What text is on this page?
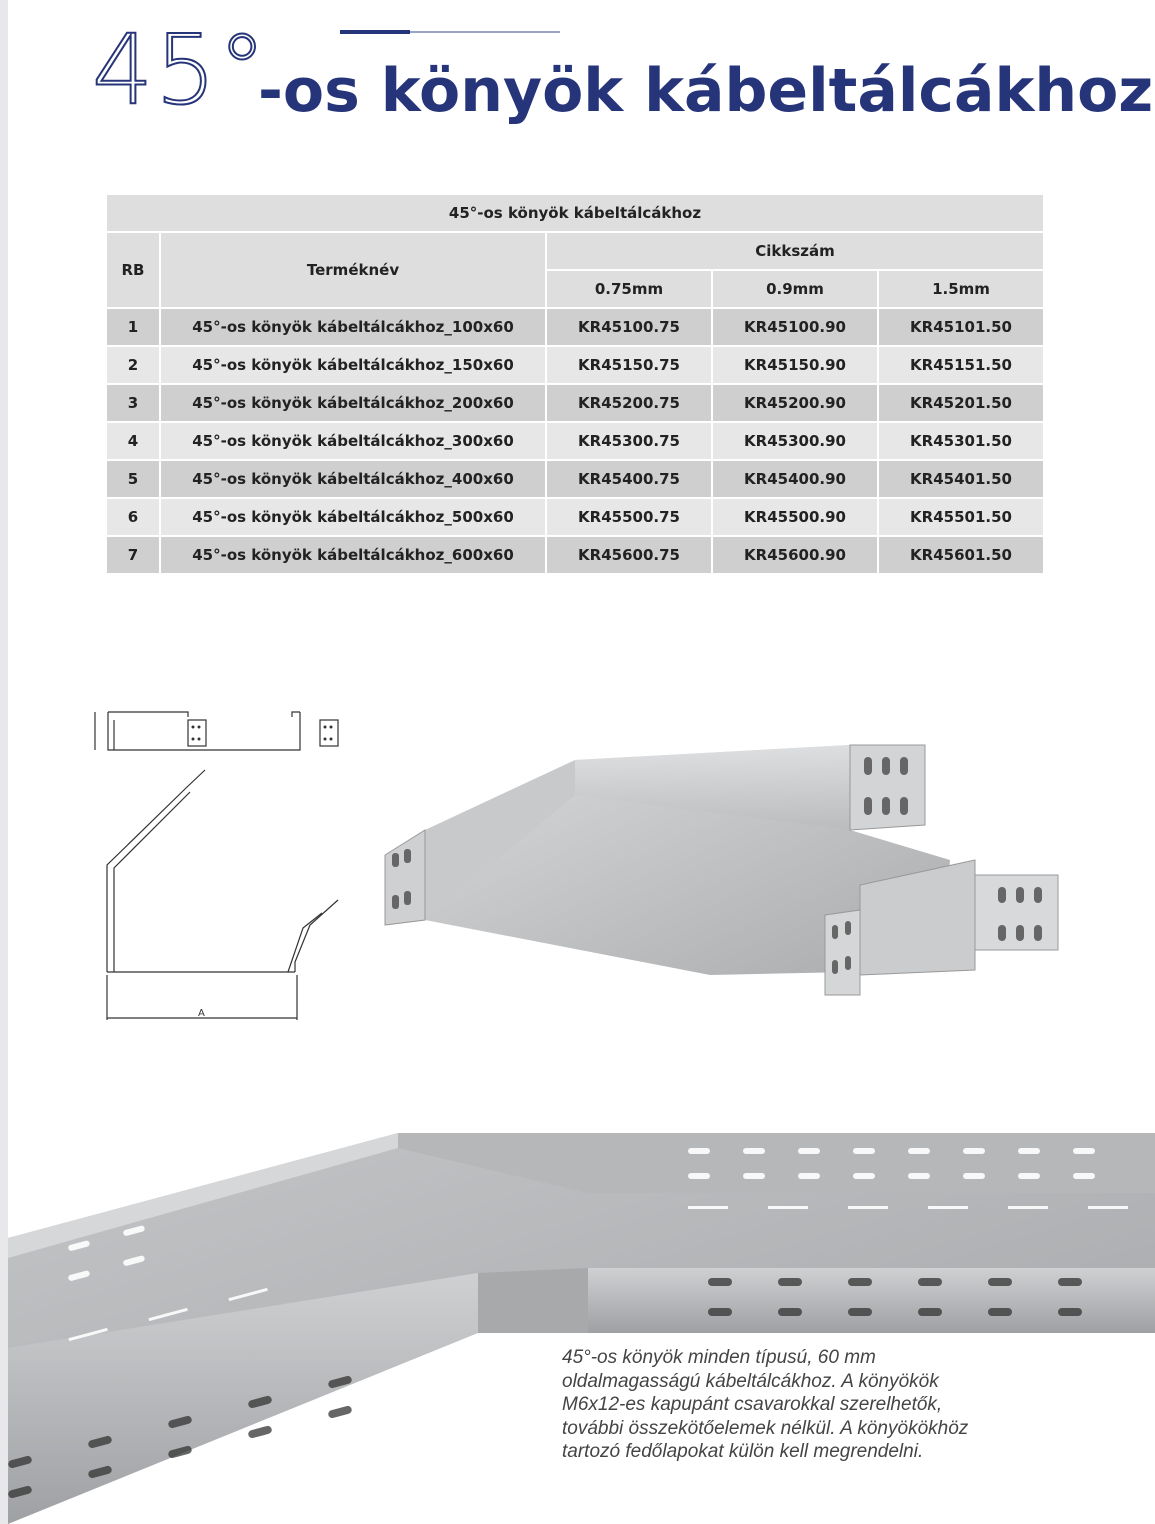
45°
-os könyök kábeltálcákhoz
45°-os könyök kábeltálcákhoz				
RB	Terméknév	Cikkszám		
		0.75mm	0.9mm	1.5mm
1	45°-os könyök kábeltálcákhoz_100x60	KR45100.75	KR45100.90	KR45101.50
2	45°-os könyök kábeltálcákhoz_150x60	KR45150.75	KR45150.90	KR45151.50
3	45°-os könyök kábeltálcákhoz_200x60	KR45200.75	KR45200.90	KR45201.50
4	45°-os könyök kábeltálcákhoz_300x60	KR45300.75	KR45300.90	KR45301.50
5	45°-os könyök kábeltálcákhoz_400x60	KR45400.75	KR45400.90	KR45401.50
6	45°-os könyök kábeltálcákhoz_500x60	KR45500.75	KR45500.90	KR45501.50
7	45°-os könyök kábeltálcákhoz_600x60	KR45600.75	KR45600.90	KR45601.50
A
45°-os könyök minden típusú, 60 mm
oldalmagasságú kábeltálcákhoz. A könyökök
M6x12-es kapupánt csavarokkal szerelhetők,
további összekötőelemek nélkül. A könyökökhöz
tartozó fedőlapokat külön kell megrendelni.
